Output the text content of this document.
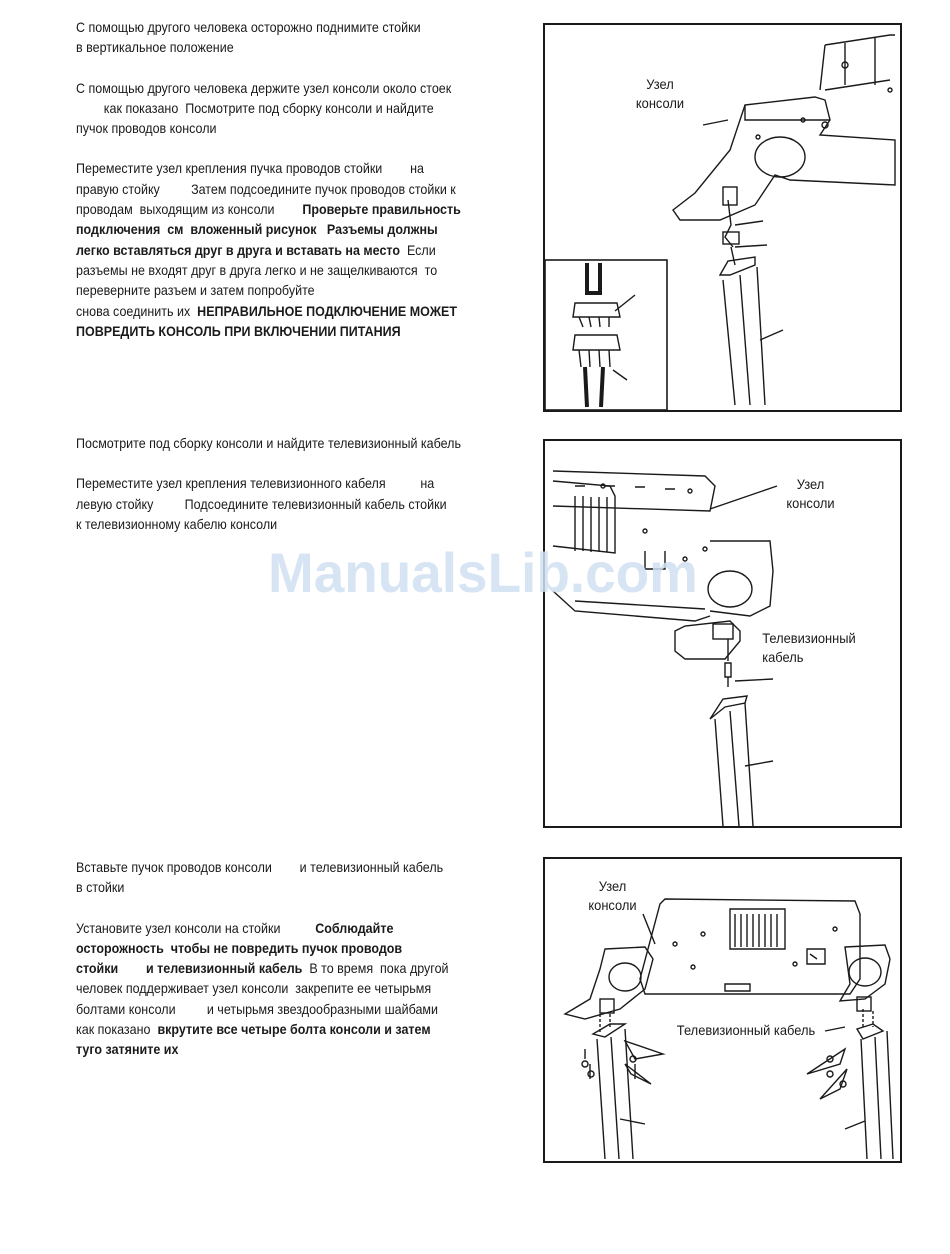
С помощью другого человека осторожно поднимите стойки
в вертикальное положение

С помощью другого человека держите узел консоли около стоек
как показано  Посмотрите под сборку консоли и найдите
пучок проводов консоли

Переместите узел крепления пучка проводов стойки        на
правую стойку         Затем подсоедините пучок проводов стойки к
проводам  выходящим из консоли        Проверьте правильность
подключения  см  вложенный рисунок   Разъемы должны
легко вставляться друг в друга и вставать на место  Если
разъемы не входят друг в друга легко и не защелкиваются  то
переверните разъем и затем попробуйте
снова соединить их  НЕПРАВИЛЬНОЕ ПОДКЛЮЧЕНИЕ МОЖЕТ
ПОВРЕДИТЬ КОНСОЛЬ ПРИ ВКЛЮЧЕНИИ ПИТАНИЯ

Посмотрите под сборку консоли и найдите телевизионный кабель

Переместите узел крепления телевизионного кабеля          на
левую стойку         Подсоедините телевизионный кабель стойки
к телевизионному кабелю консоли

Вставьте пучок проводов консоли        и телевизионный кабель
в стойки

Установите узел консоли на стойки          Соблюдайте
осторожность  чтобы не повредить пучок проводов
стойки        и телевизионный кабель  В то время  пока другой
человек поддерживает узел консоли  закрепите ее четырьмя
болтами консоли         и четырьмя звездообразными шайбами
как показано  вкрутите все четыре болта консоли и затем
туго затяните их

Узел
консоли
Узел
консоли
Телевизионный
кабель
Узел
консоли
Телевизионный кабель
ManualsLib.com
